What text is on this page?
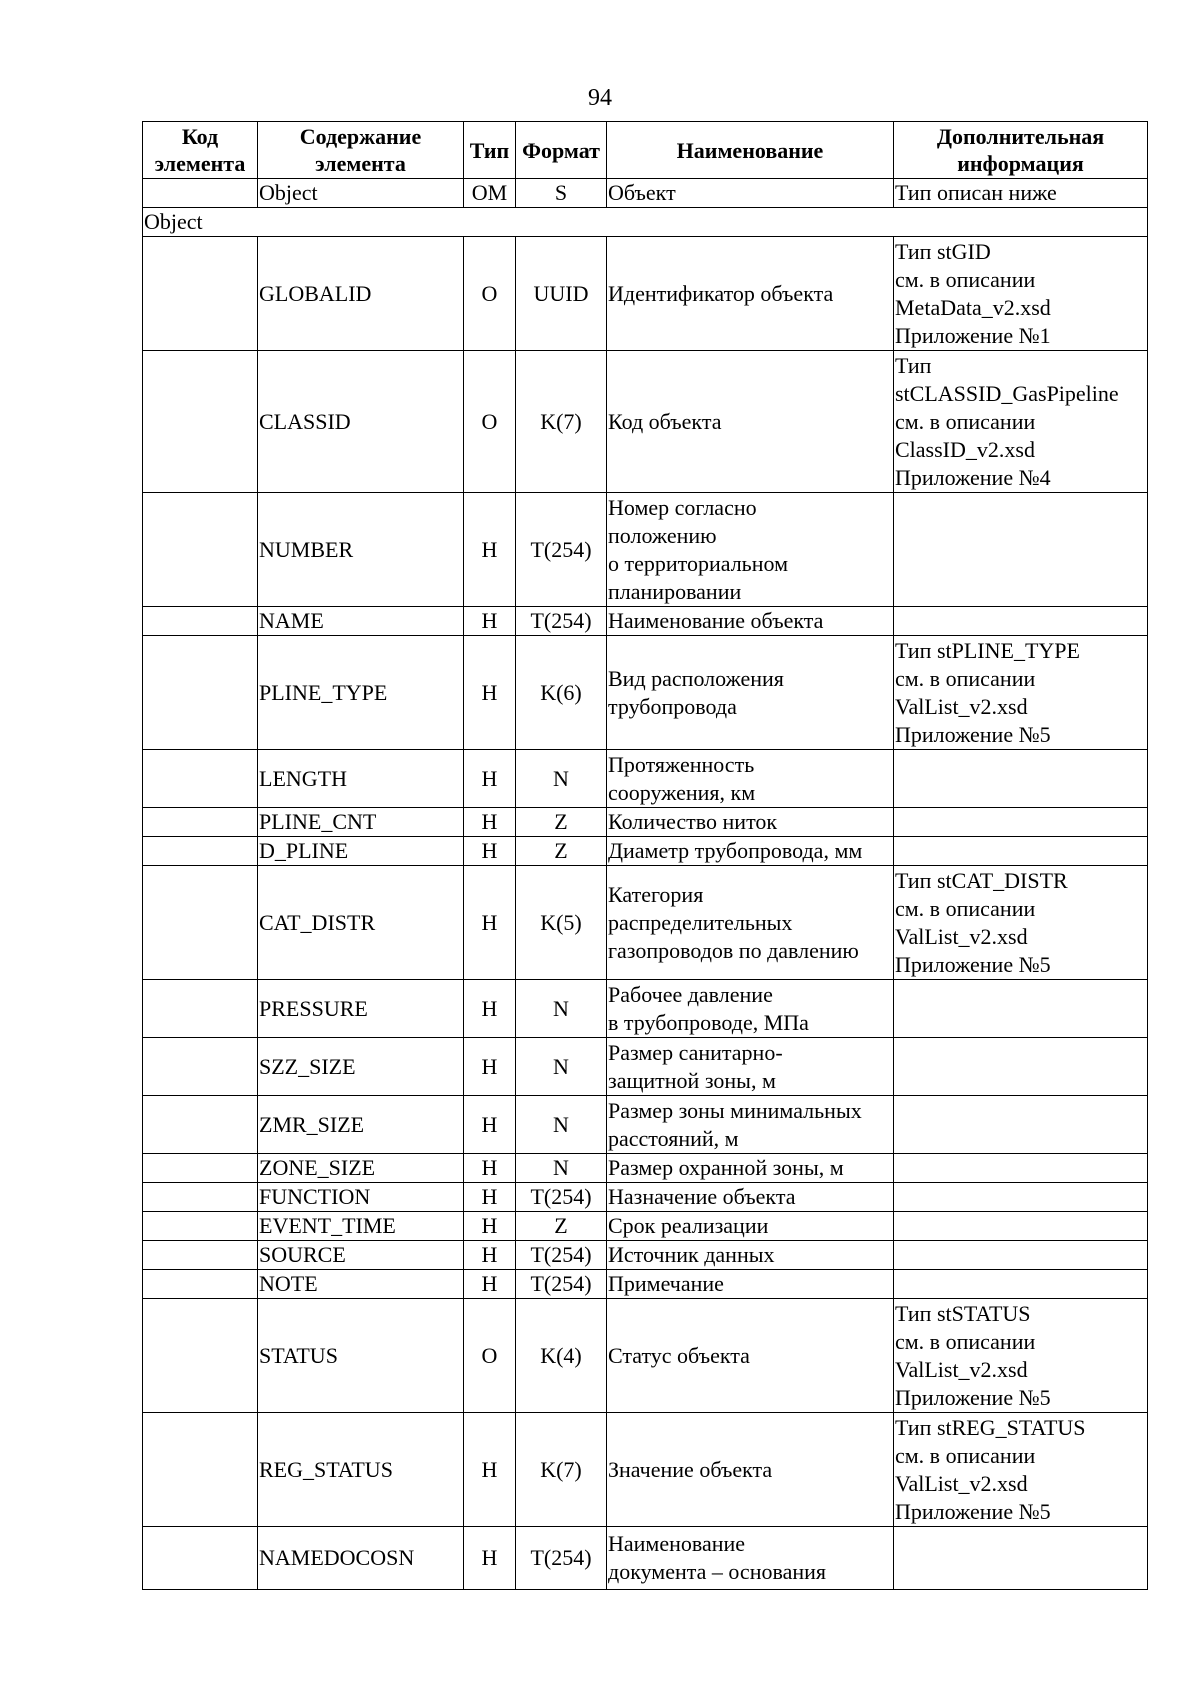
94
Код элемента	Содержание элемента	Тип	Формат	Наименование	Дополнительная информация
	Object	OM	S	Объект	Тип описан ниже
Object					
	GLOBALID	O	UUID	Идентификатор объекта	Тип stGID
см. в описании
MetaData_v2.xsd
Приложение №1
	CLASSID	O	K(7)	Код объекта	Тип
stCLASSID_GasPipeline
см. в описании
ClassID_v2.xsd
Приложение №4
	NUMBER	H	T(254)	Номер согласно
положению
о территориальном
планировании	
	NAME	H	T(254)	Наименование объекта	
	PLINE_TYPE	H	K(6)	Вид расположения
трубопровода	Тип stPLINE_TYPE
см. в описании
ValList_v2.xsd
Приложение №5
	LENGTH	H	N	Протяженность
сооружения, км	
	PLINE_CNT	H	Z	Количество ниток	
	D_PLINE	H	Z	Диаметр трубопровода, мм	
	CAT_DISTR	H	K(5)	Категория
распределительных
газопроводов по давлению	Тип stCAT_DISTR
см. в описании
ValList_v2.xsd
Приложение №5
	PRESSURE	H	N	Рабочее давление
в трубопроводе, МПа	
	SZZ_SIZE	H	N	Размер санитарно-
защитной зоны, м	
	ZMR_SIZE	H	N	Размер зоны минимальных
расстояний, м	
	ZONE_SIZE	H	N	Размер охранной зоны, м	
	FUNCTION	H	T(254)	Назначение объекта	
	EVENT_TIME	H	Z	Срок реализации	
	SOURCE	H	T(254)	Источник данных	
	NOTE	H	T(254)	Примечание	
	STATUS	O	K(4)	Статус объекта	Тип stSTATUS
см. в описании
ValList_v2.xsd
Приложение №5
	REG_STATUS	H	K(7)	Значение объекта	Тип stREG_STATUS
см. в описании
ValList_v2.xsd
Приложение №5
	NAMEDOCOSN	H	T(254)	Наименование
документа – основания	
